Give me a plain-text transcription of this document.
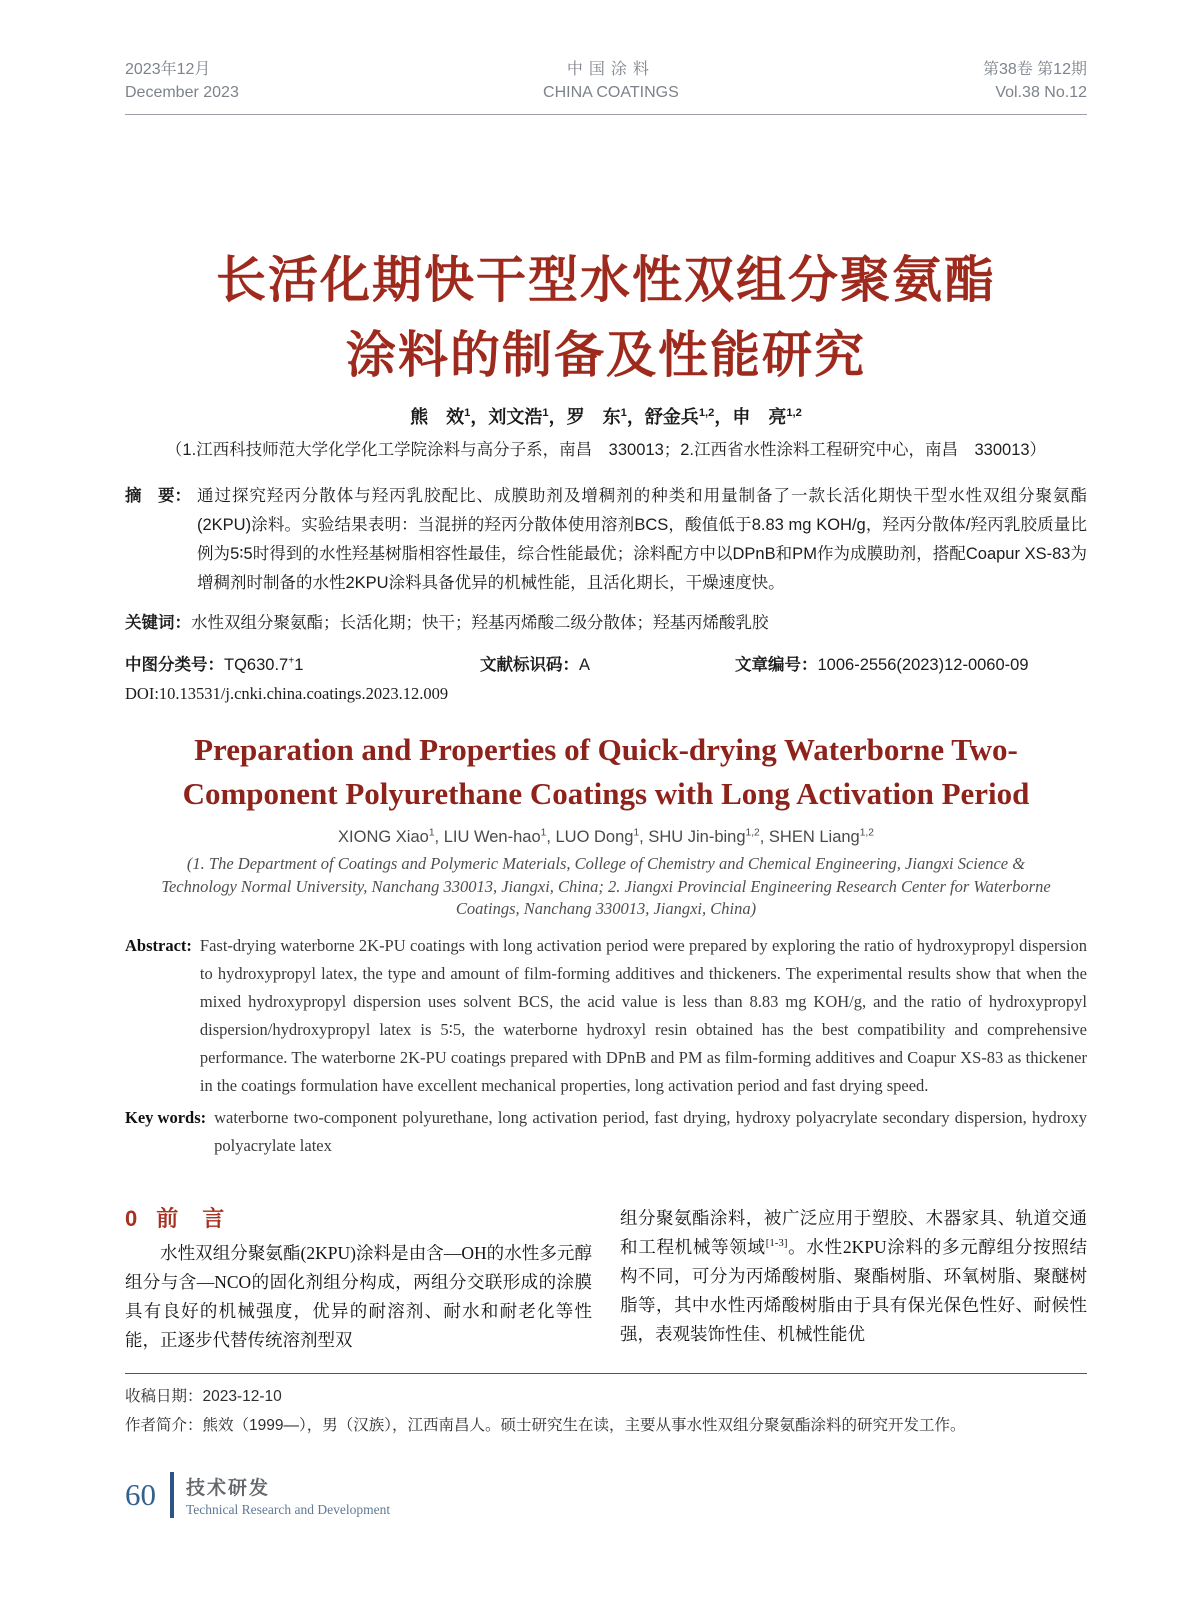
2023年12月
December 2023
中国涂料
CHINA COATINGS
第38卷 第12期
Vol.38 No.12
长活化期快干型水性双组分聚氨酯
涂料的制备及性能研究
熊　效$^1$，刘文浩$^1$，罗　东$^1$，舒金兵$^{1,2}$，申　亮$^{1,2}$
（1.江西科技师范大学化学化工学院涂料与高分子系，南昌　330013；2.江西省水性涂料工程研究中心，南昌　330013）
摘　要： 通过探究羟丙分散体与羟丙乳胶配比、成膜助剂及增稠剂的种类和用量制备了一款长活化期快干型水性双组分聚氨酯(2KPU)涂料。实验结果表明：当混拼的羟丙分散体使用溶剂BCS，酸值低于8.83 mg KOH/g，羟丙分散体/羟丙乳胶质量比例为5∶5时得到的水性羟基树脂相容性最佳，综合性能最优；涂料配方中以DPnB和PM作为成膜助剂，搭配Coapur XS-83为增稠剂时制备的水性2KPU涂料具备优异的机械性能，且活化期长，干燥速度快。
关键词：水性双组分聚氨酯；长活化期；快干；羟基丙烯酸二级分散体；羟基丙烯酸乳胶
中图分类号：TQ630.7+1	文献标识码：A	文章编号：1006-2556(2023)12-0060-09
DOI:10.13531/j.cnki.china.coatings.2023.12.009
Preparation and Properties of Quick-drying Waterborne Two-Component Polyurethane Coatings with Long Activation Period
XIONG Xiao$^1$, LIU Wen-hao$^1$, LUO Dong$^1$, SHU Jin-bing$^{1,2}$, SHEN Liang$^{1,2}$
(1. The Department of Coatings and Polymeric Materials, College of Chemistry and Chemical Engineering, Jiangxi Science & Technology Normal University, Nanchang 330013, Jiangxi, China; 2. Jiangxi Provincial Engineering Research Center for Waterborne Coatings, Nanchang 330013, Jiangxi, China)
Abstract: Fast-drying waterborne 2K-PU coatings with long activation period were prepared by exploring the ratio of hydroxypropyl dispersion to hydroxypropyl latex, the type and amount of film-forming additives and thickeners. The experimental results show that when the mixed hydroxypropyl dispersion uses solvent BCS, the acid value is less than 8.83 mg KOH/g, and the ratio of hydroxypropyl dispersion/hydroxypropyl latex is 5∶5, the waterborne hydroxyl resin obtained has the best compatibility and comprehensive performance. The waterborne 2K-PU coatings prepared with DPnB and PM as film-forming additives and Coapur XS-83 as thickener in the coatings formulation have excellent mechanical properties, long activation period and fast drying speed.
Key words: waterborne two-component polyurethane, long activation period, fast drying, hydroxy polyacrylate secondary dispersion, hydroxy polyacrylate latex
0 前　言

水性双组分聚氨酯(2KPU)涂料是由含—OH的水性多元醇组分与含—NCO的固化剂组分构成，两组分交联形成的涂膜具有良好的机械强度，优异的耐溶剂、耐水和耐老化等性能，正逐步代替传统溶剂型双

组分聚氨酯涂料，被广泛应用于塑胶、木器家具、轨道交通和工程机械等领域[1-3]。水性2KPU涂料的多元醇组分按照结构不同，可分为丙烯酸树脂、聚酯树脂、环氧树脂、聚醚树脂等，其中水性丙烯酸树脂由于具有保光保色性好、耐候性强，表观装饰性佳、机械性能优

收稿日期：2023-12-10
作者简介：熊效（1999—），男（汉族），江西南昌人。硕士研究生在读，主要从事水性双组分聚氨酯涂料的研究开发工作。
60 技术研发
Technical Research and Development
